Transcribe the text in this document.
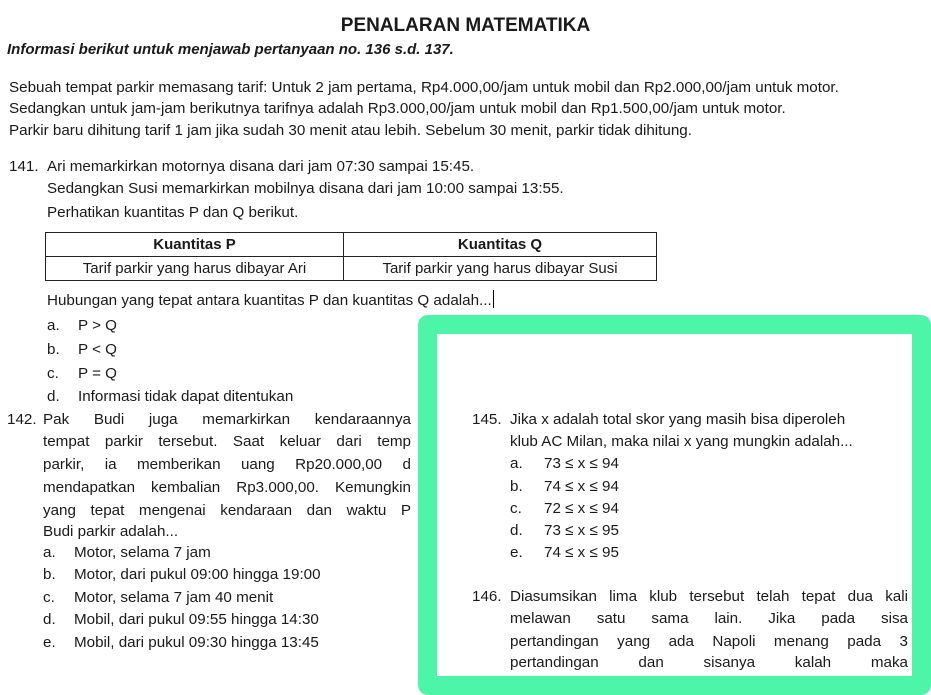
PENALARAN MATEMATIKA
Informasi berikut untuk menjawab pertanyaan no. 136 s.d. 137.
Sebuah tempat parkir memasang tarif: Untuk 2 jam pertama, Rp4.000,00/jam untuk mobil dan Rp2.000,00/jam untuk motor.
Sedangkan untuk jam-jam berikutnya tarifnya adalah Rp3.000,00/jam untuk mobil dan Rp1.500,00/jam untuk motor.
Parkir baru dihitung tarif 1 jam jika sudah 30 menit atau lebih. Sebelum 30 menit, parkir tidak dihitung.
141. Ari memarkirkan motornya disana dari jam 07:30 sampai 15:45.
Sedangkan Susi memarkirkan mobilnya disana dari jam 10:00 sampai 13:55.
Perhatikan kuantitas P dan Q berikut.
Kuantitas P	Kuantitas Q
Tarif parkir yang harus dibayar Ari	Tarif parkir yang harus dibayar Susi
Hubungan yang tepat antara kuantitas P dan kuantitas Q adalah...
a. P > Q
b. P < Q
c. P = Q
d. Informasi tidak dapat ditentukan
142. Pak Budi juga memarkirkan kendaraannya
tempat parkir tersebut. Saat keluar dari temp
parkir, ia memberikan uang Rp20.000,00 d
mendapatkan kembalian Rp3.000,00. Kemungkin
yang tepat mengenai kendaraan dan waktu P
Budi parkir adalah...
a. Motor, selama 7 jam
b. Motor, dari pukul 09:00 hingga 19:00
c. Motor, selama 7 jam 40 menit
d. Mobil, dari pukul 09:55 hingga 14:30
e. Mobil, dari pukul 09:30 hingga 13:45
145. Jika x adalah total skor yang masih bisa diperoleh
klub AC Milan, maka nilai x yang mungkin adalah...
a. 73 ≤ x ≤ 94
b. 74 ≤ x ≤ 94
c. 72 ≤ x ≤ 94
d. 73 ≤ x ≤ 95
e. 74 ≤ x ≤ 95
146. Diasumsikan lima klub tersebut telah tepat dua kali
melawan satu sama lain. Jika pada sisa
pertandingan yang ada Napoli menang pada 3
pertandingan dan sisanya kalah maka
